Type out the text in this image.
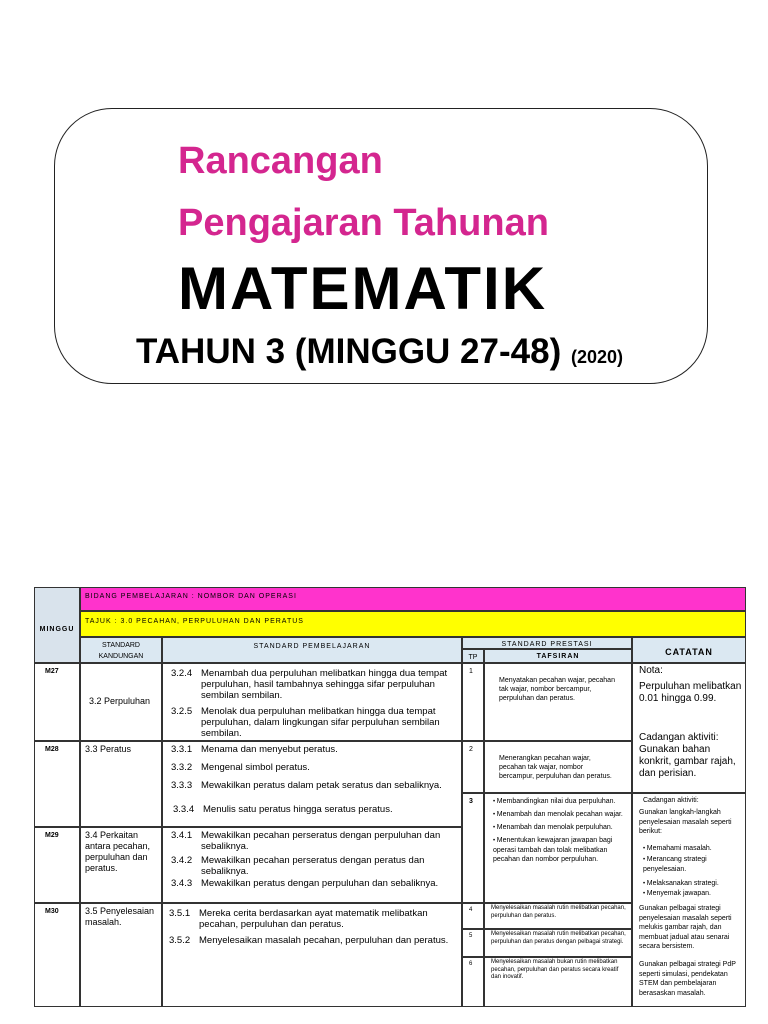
Rancangan
Pengajaran Tahunan
MATEMATIK
TAHUN 3 (MINGGU 27-48) (2020)
MINGGU
BIDANG PEMBELAJARAN : NOMBOR DAN OPERASI
TAJUK : 3.0 PECAHAN, PERPULUHAN DAN PERATUS
STANDARD KANDUNGAN
STANDARD PEMBELAJARAN	STANDARD PRESTASI
TP	TAFSIRAN	CATATAN
M27
M28
M29
M30
3.2 Perpuluhan
3.3 Peratus
3.4 Perkaitan antara pecahan, perpuluhan dan peratus.
3.5 Penyelesaian masalah.
3.2.4 Menambah dua perpuluhan melibatkan hingga dua tempat perpuluhan, hasil tambahnya sehingga sifar perpuluhan sembilan sembilan.
3.2.5 Menolak dua perpuluhan melibatkan hingga dua tempat perpuluhan, dalam lingkungan sifar perpuluhan sembilan sembilan.
3.3.1 Menama dan menyebut peratus.
3.3.2 Mengenal simbol peratus.
3.3.3 Mewakilkan peratus dalam petak seratus dan sebaliknya.
3.3.4 Menulis satu peratus hingga seratus peratus.
3.4.1 Mewakilkan pecahan perseratus dengan perpuluhan dan sebaliknya.
3.4.2 Mewakilkan pecahan perseratus dengan peratus dan sebaliknya.
3.4.3 Mewakilkan peratus dengan perpuluhan dan sebaliknya.
3.5.1 Mereka cerita berdasarkan ayat matematik melibatkan pecahan, perpuluhan dan peratus.
3.5.2 Menyelesaikan masalah pecahan, perpuluhan dan peratus.
1
Menyatakan pecahan wajar, pecahan tak wajar, nombor bercampur, perpuluhan dan peratus.
2
Menerangkan pecahan wajar, pecahan tak wajar, nombor bercampur, perpuluhan dan peratus.
3
•	Membandingkan nilai dua perpuluhan.
• Menambah dan menolak pecahan wajar.
• Menambah dan menolak perpuluhan.
• Menentukan kewajaran jawapan bagi operasi tambah dan tolak melibatkan pecahan dan nombor perpuluhan.
4	Menyelesaikan masalah rutin melibatkan pecahan, perpuluhan dan peratus.
5	Menyelesaikan masalah rutin melibatkan pecahan, perpuluhan dan peratus dengan pelbagai strategi.
6	Menyelesaikan masalah bukan rutin melibatkan pecahan, perpuluhan dan peratus secara kreatif dan inovatif.
Nota:
Perpuluhan melibatkan 0.01 hingga 0.99.
Cadangan aktiviti:
Gunakan bahan konkrit, gambar rajah, dan perisian.
Cadangan aktiviti:
Gunakan langkah-langkah penyelesaian masalah seperti berikut:
• Memahami masalah.
• Merancang strategi penyelesaian.
• Melaksanakan strategi.
• Menyemak jawapan.
Gunakan pelbagai strategi penyelesaian masalah seperti melukis gambar rajah, dan membuat jadual atau senarai secara bersistem.
Gunakan pelbagai strategi PdP seperti simulasi, pendekatan STEM dan pembelajaran berasaskan masalah.
